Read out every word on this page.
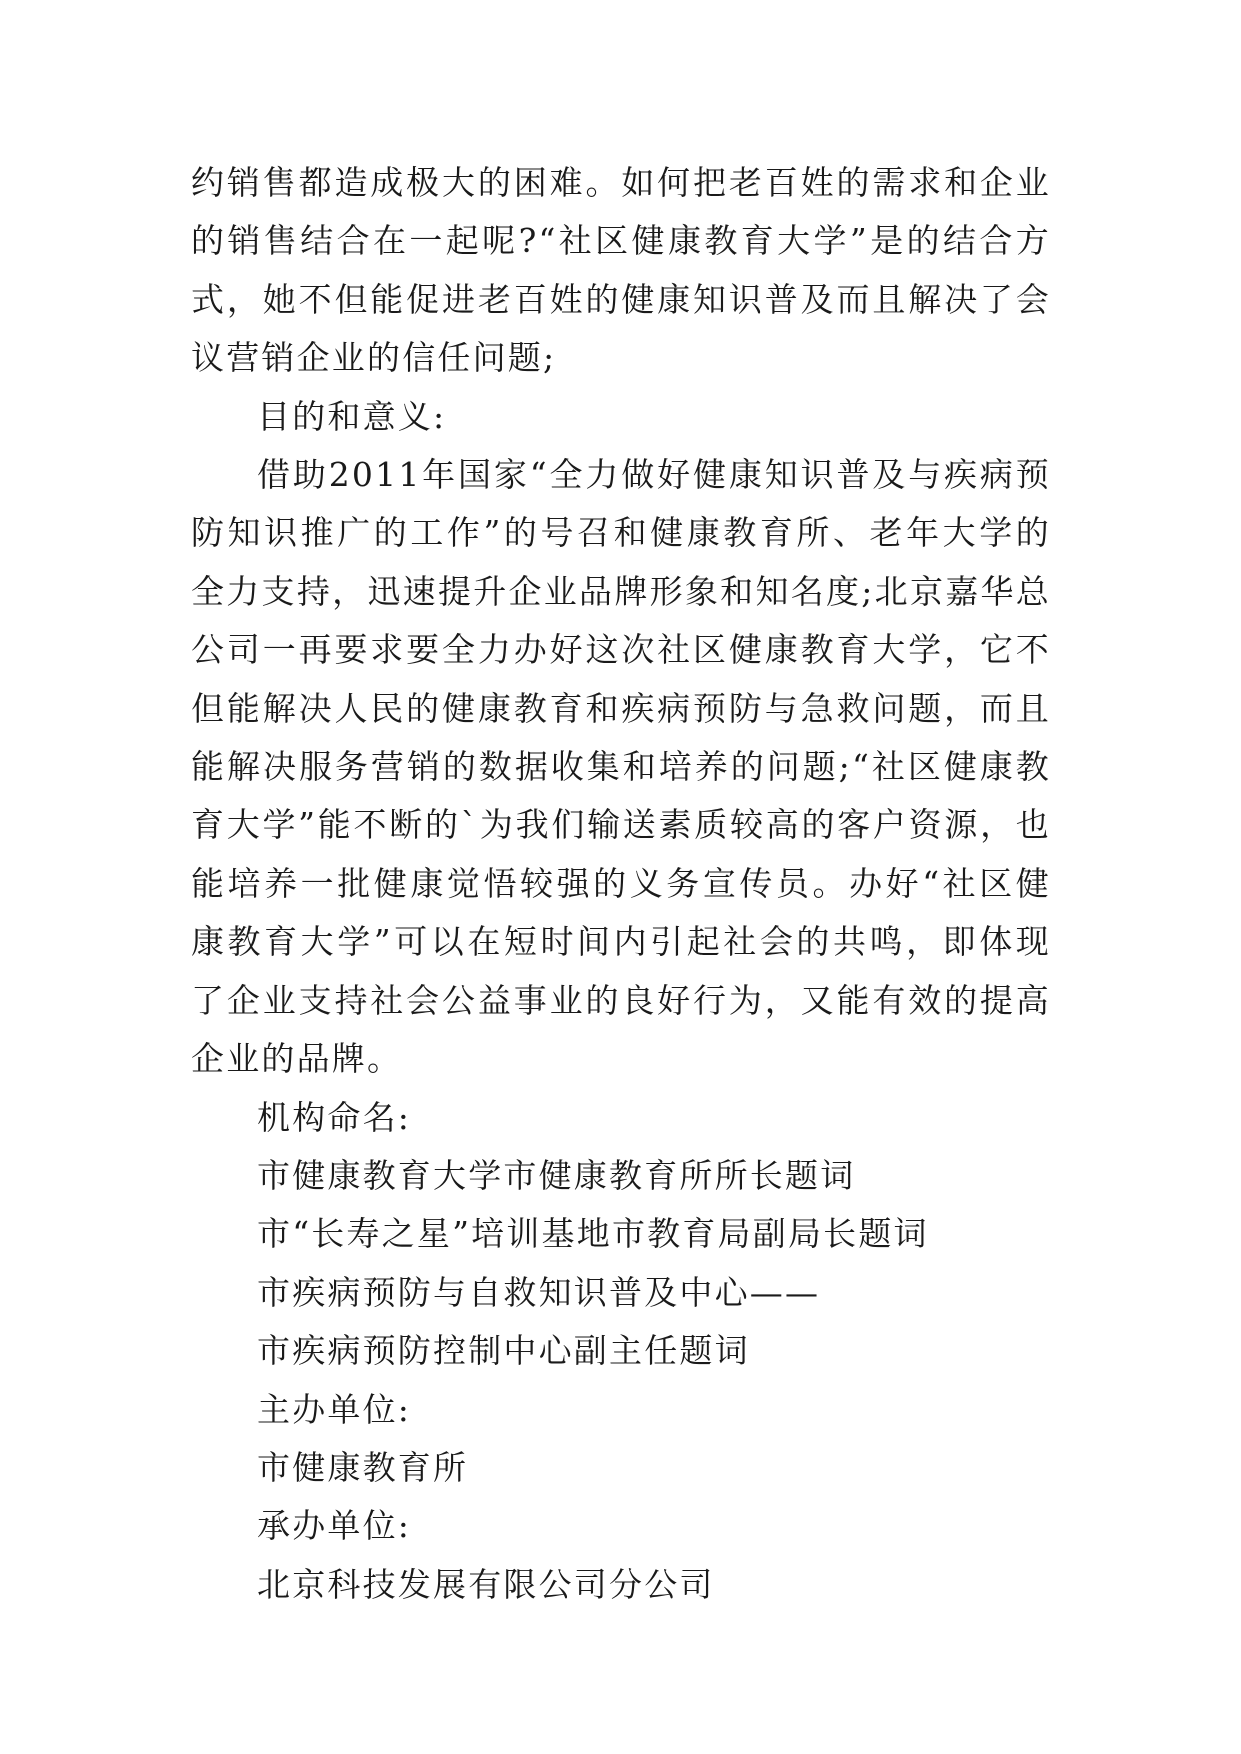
约销售都造成极大的困难。如何把老百姓的需求和企业的销售结合在一起呢?“社区健康教育大学”是的结合方式，她不但能促进老百姓的健康知识普及而且解决了会议营销企业的信任问题;

目的和意义:

借助2011年国家“全力做好健康知识普及与疾病预防知识推广的工作”的号召和健康教育所、老年大学的全力支持，迅速提升企业品牌形象和知名度;北京嘉华总公司一再要求要全力办好这次社区健康教育大学，它不但能解决人民的健康教育和疾病预防与急救问题，而且能解决服务营销的数据收集和培养的问题;“社区健康教育大学”能不断的`为我们输送素质较高的客户资源，也能培养一批健康觉悟较强的义务宣传员。办好“社区健康教育大学”可以在短时间内引起社会的共鸣，即体现了企业支持社会公益事业的良好行为，又能有效的提高企业的品牌。

机构命名:

市健康教育大学市健康教育所所长题词

市“长寿之星”培训基地市教育局副局长题词

市疾病预防与自救知识普及中心——

市疾病预防控制中心副主任题词

主办单位:

市健康教育所

承办单位:

北京科技发展有限公司分公司
